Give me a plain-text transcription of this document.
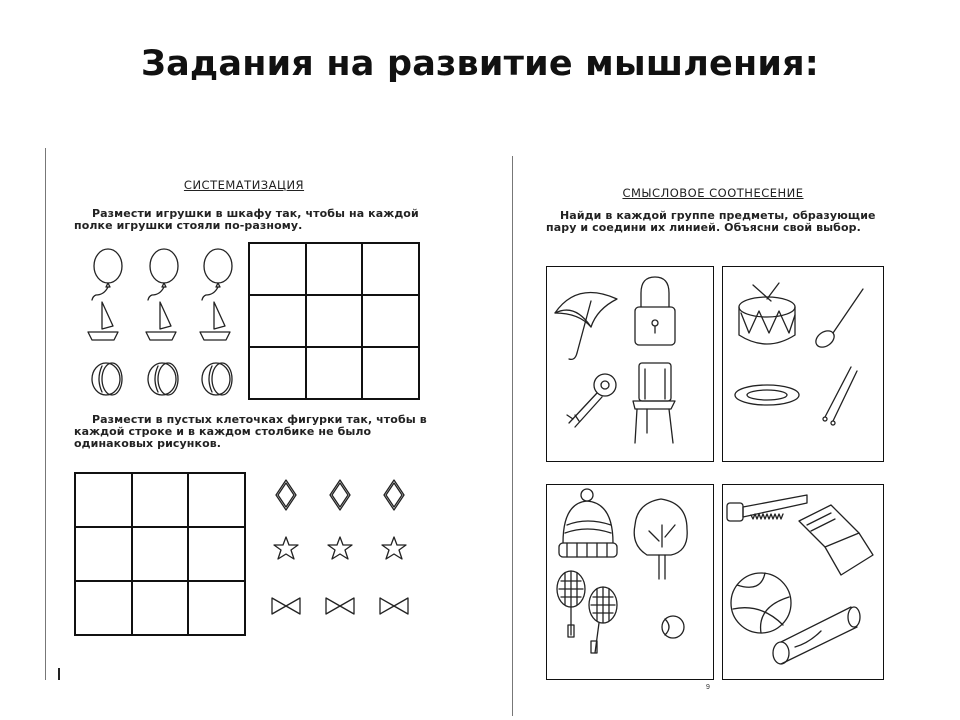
Задания на развитие мышления:
СИСТЕМАТИЗАЦИЯ
Размести игрушки в шкафу так, чтобы на каждой
полке игрушки стояли по-разному.
Размести в пустых клеточках фигурки так, чтобы в
каждой строке и в каждом столбике не было
одинаковых рисунков.
СМЫСЛОВОЕ СООТНЕСЕНИЕ
Найди в каждой группе предметы, образующие
пару и соедини их линией. Объясни свой выбор.
9
